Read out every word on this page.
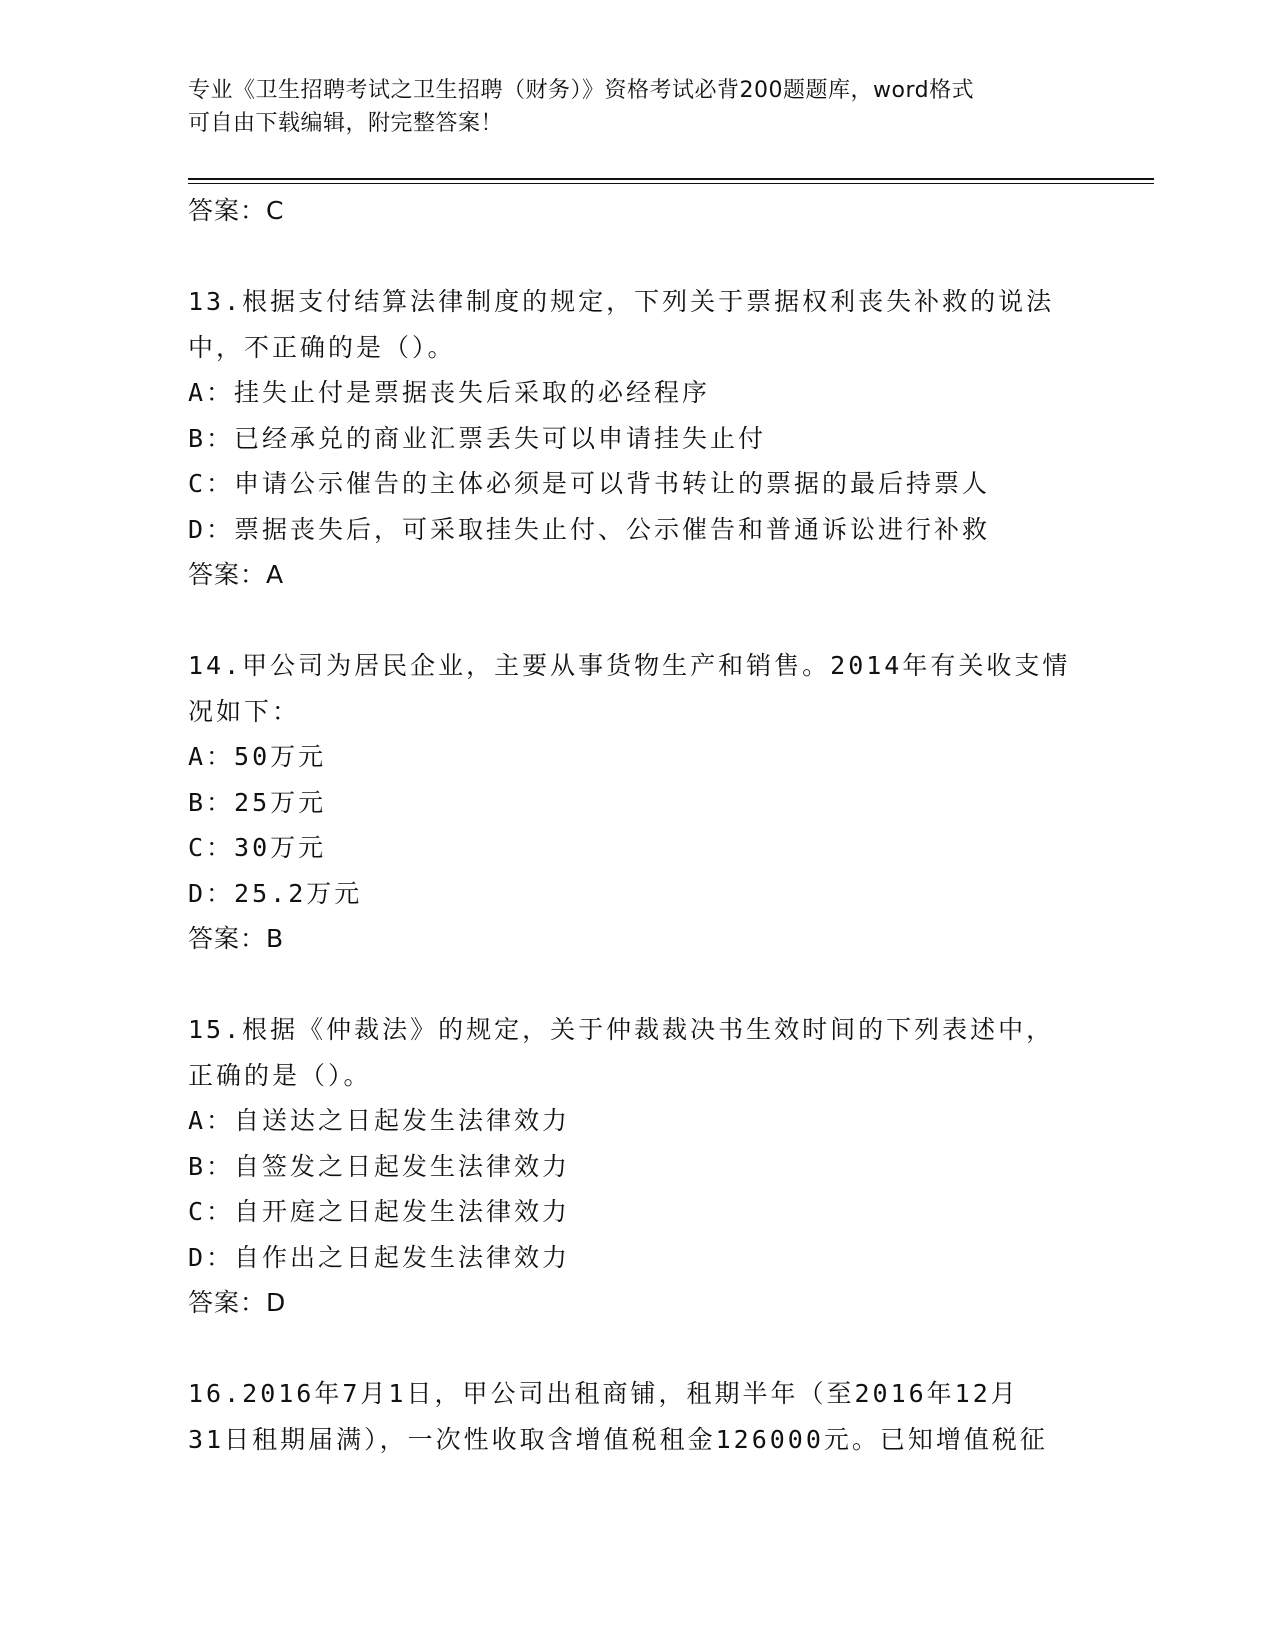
专业《卫生招聘考试之卫生招聘（财务）》资格考试必背200题题库，word格式
可自由下载编辑，附完整答案！
答案：C
13.根据支付结算法律制度的规定，下列关于票据权利丧失补救的说法
中，不正确的是（）。
A：挂失止付是票据丧失后采取的必经程序
B：已经承兑的商业汇票丢失可以申请挂失止付
C：申请公示催告的主体必须是可以背书转让的票据的最后持票人
D：票据丧失后，可采取挂失止付、公示催告和普通诉讼进行补救
答案：A
14.甲公司为居民企业，主要从事货物生产和销售。2014年有关收支情
况如下：
A：50万元
B：25万元
C：30万元
D：25.2万元
答案：B
15.根据《仲裁法》的规定，关于仲裁裁决书生效时间的下列表述中，
正确的是（）。
A：自送达之日起发生法律效力
B：自签发之日起发生法律效力
C：自开庭之日起发生法律效力
D：自作出之日起发生法律效力
答案：D
16.2016年7月1日，甲公司出租商铺，租期半年（至2016年12月
31日租期届满），一次性收取含增值税租金126000元。已知增值税征
